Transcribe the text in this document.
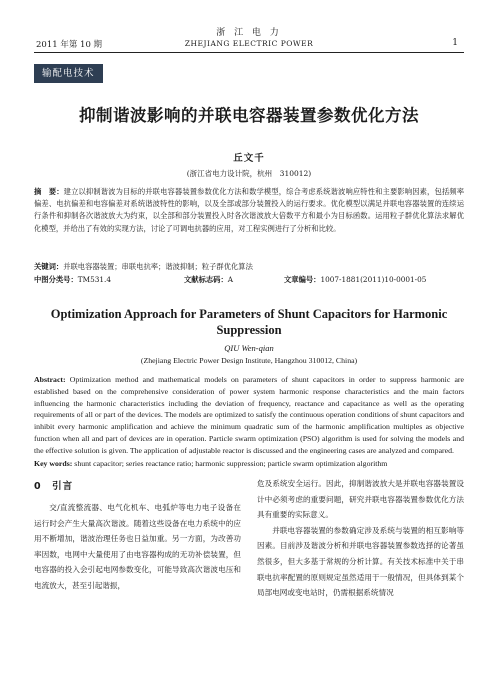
浙 江 电 力
ZHEJIANG ELECTRIC POWER
2011 年第 10 期	1
输配电技术
抑制谐波影响的并联电容器装置参数优化方法
丘文千
(浙江省电力设计院，杭州　310012)
摘　要：建立以抑制谐波为目标的并联电容器装置参数优化方法和数学模型，综合考虑系统谐波响应特性和主要影响因素，包括频率偏差、电抗偏差和电容偏差对系统谐波特性的影响，以及全部或部分装置投入的运行要求。优化模型以满足并联电容器装置的连续运行条件和抑制各次谐波放大为约束，以全部和部分装置投入时各次谐波放大倍数平方和最小为目标函数。运用粒子群优化算法求解优化模型，并给出了有效的实现方法，讨论了可调电抗器的应用，对工程实例进行了分析和比较。
关键词：并联电容器装置；串联电抗率；谐波抑制；粒子群优化算法
中图分类号：TM531.4	文献标志码：A	文章编号：1007-1881(2011)10-0001-05
Optimization Approach for Parameters of Shunt Capacitors for Harmonic Suppression
QIU Wen-qian
(Zhejiang Electric Power Design Institute, Hangzhou 310012, China)
Abstract: Optimization method and mathematical models on parameters of shunt capacitors in order to suppress harmonic are established based on the comprehensive consideration of power system harmonic response characteristics and the main factors influencing the harmonic characteristics including the deviation of frequency, reactance and capacitance as well as the operating requirements of all or part of the devices. The models are optimized to satisfy the continuous operation conditions of shunt capacitors and inhibit every harmonic amplification and achieve the minimum quadratic sum of the harmonic amplification multiples as objective function when all and part of devices are in operation. Particle swarm optimization (PSO) algorithm is used for solving the models and the effective solution is given. The application of adjustable reactor is discussed and the engineering cases are analyzed and compared.
Key words: shunt capacitor; series reactance ratio; harmonic suppression; particle swarm optimization algorithm
0　引言
交/直流整流器、电气化机车、电弧炉等电力电子设备在运行时会产生大量高次谐波。随着这些设备在电力系统中的应用不断增加，谐波治理任务也日益加重。另一方面，为改善功率因数，电网中大量使用了由电容器构成的无功补偿装置，但电容器的投入会引起电网参数变化，可能导致高次谐波电压和电流放大，甚至引起谐振，

危及系统安全运行。因此，抑制谐波放大是并联电容器装置设计中必须考虑的重要问题，研究并联电容器装置参数优化方法具有重要的实际意义。

并联电容器装置的参数确定涉及系统与装置的相互影响等因素。目前涉及谐波分析和并联电容器装置参数选择的论著虽然很多，但大多基于常规的分析计算。有关技术标准中关于串联电抗率配置的原则规定虽然适用于一般情况，但具体到某个局部电网或变电站时，仍需根据系统情况
